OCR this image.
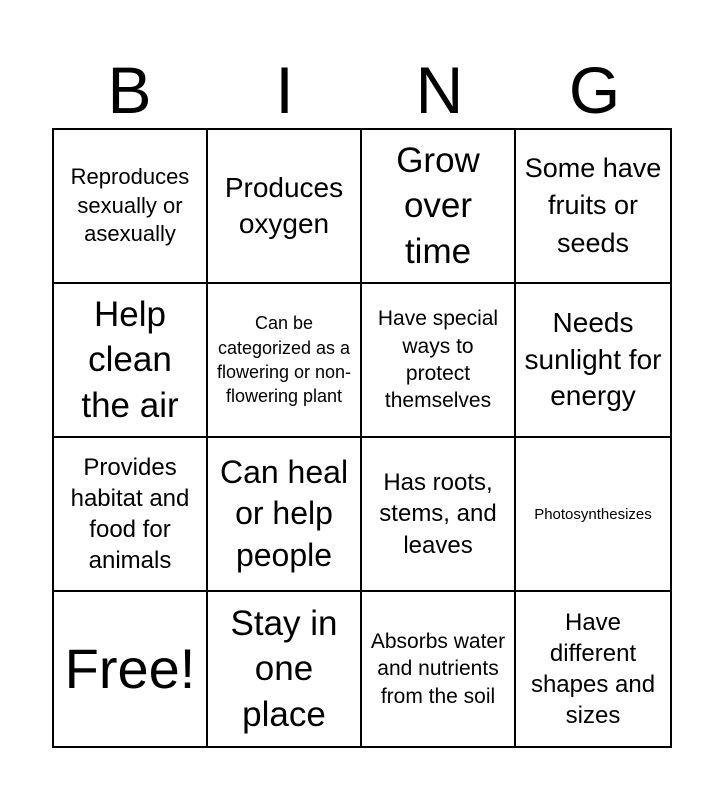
B	I	N	G
Reproduces sexually or asexually
Produces oxygen
Grow over time
Some have fruits or seeds
Help clean the air
Can be categorized as a flowering or non-flowering plant
Have special ways to protect themselves
Needs sunlight for energy
Provides habitat and food for animals
Can heal or help people
Has roots, stems, and leaves
Photosynthesizes
Free!
Stay in one place
Absorbs water and nutrients from the soil
Have different shapes and sizes
